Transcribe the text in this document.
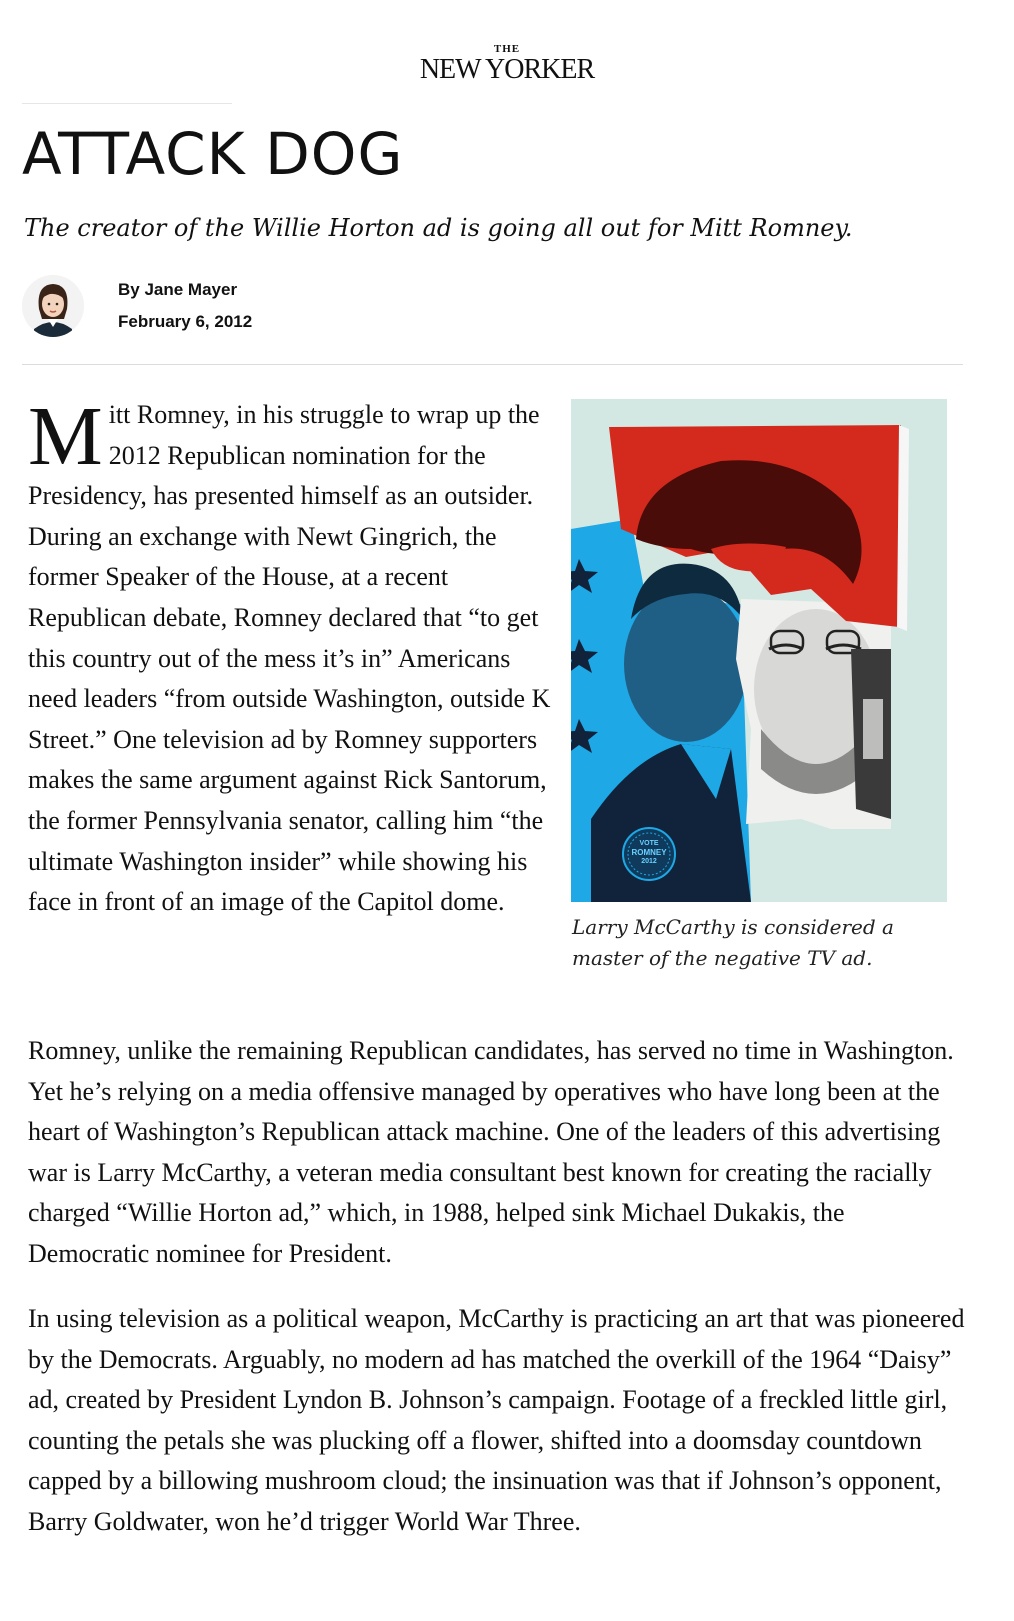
THE
NEW YORKER
ATTACK DOG
The creator of the Willie Horton ad is going all out for Mitt Romney.
By Jane Mayer
February 6, 2012

Mitt Romney, in his struggle to wrap up the 2012 Republican nomination for the Presidency, has presented himself as an outsider. During an exchange with Newt Gingrich, the former Speaker of the House, at a recent Republican debate, Romney declared that “to get this country out of the mess it’s in” Americans need leaders “from outside Washington, outside K Street.” One television ad by Romney supporters makes the same argument against Rick Santorum, the former Pennsylvania senator, calling him “the ultimate Washington insider” while showing his face in front of an image of the Capitol dome.

VOTE
ROMNEY
2012
Larry McCarthy is considered a master of the negative TV ad.

Romney, unlike the remaining Republican candidates, has served no time in Washington. Yet he’s relying on a media offensive managed by operatives who have long been at the heart of Washington’s Republican attack machine. One of the leaders of this advertising war is Larry McCarthy, a veteran media consultant best known for creating the racially charged “Willie Horton ad,” which, in 1988, helped sink Michael Dukakis, the Democratic nominee for President.

In using television as a political weapon, McCarthy is practicing an art that was pioneered by the Democrats. Arguably, no modern ad has matched the overkill of the 1964 “Daisy” ad, created by President Lyndon B. Johnson’s campaign. Footage of a freckled little girl, counting the petals she was plucking off a flower, shifted into a doomsday countdown capped by a billowing mushroom cloud; the insinuation was that if Johnson’s opponent, Barry Goldwater, won he’d trigger World War Three.
